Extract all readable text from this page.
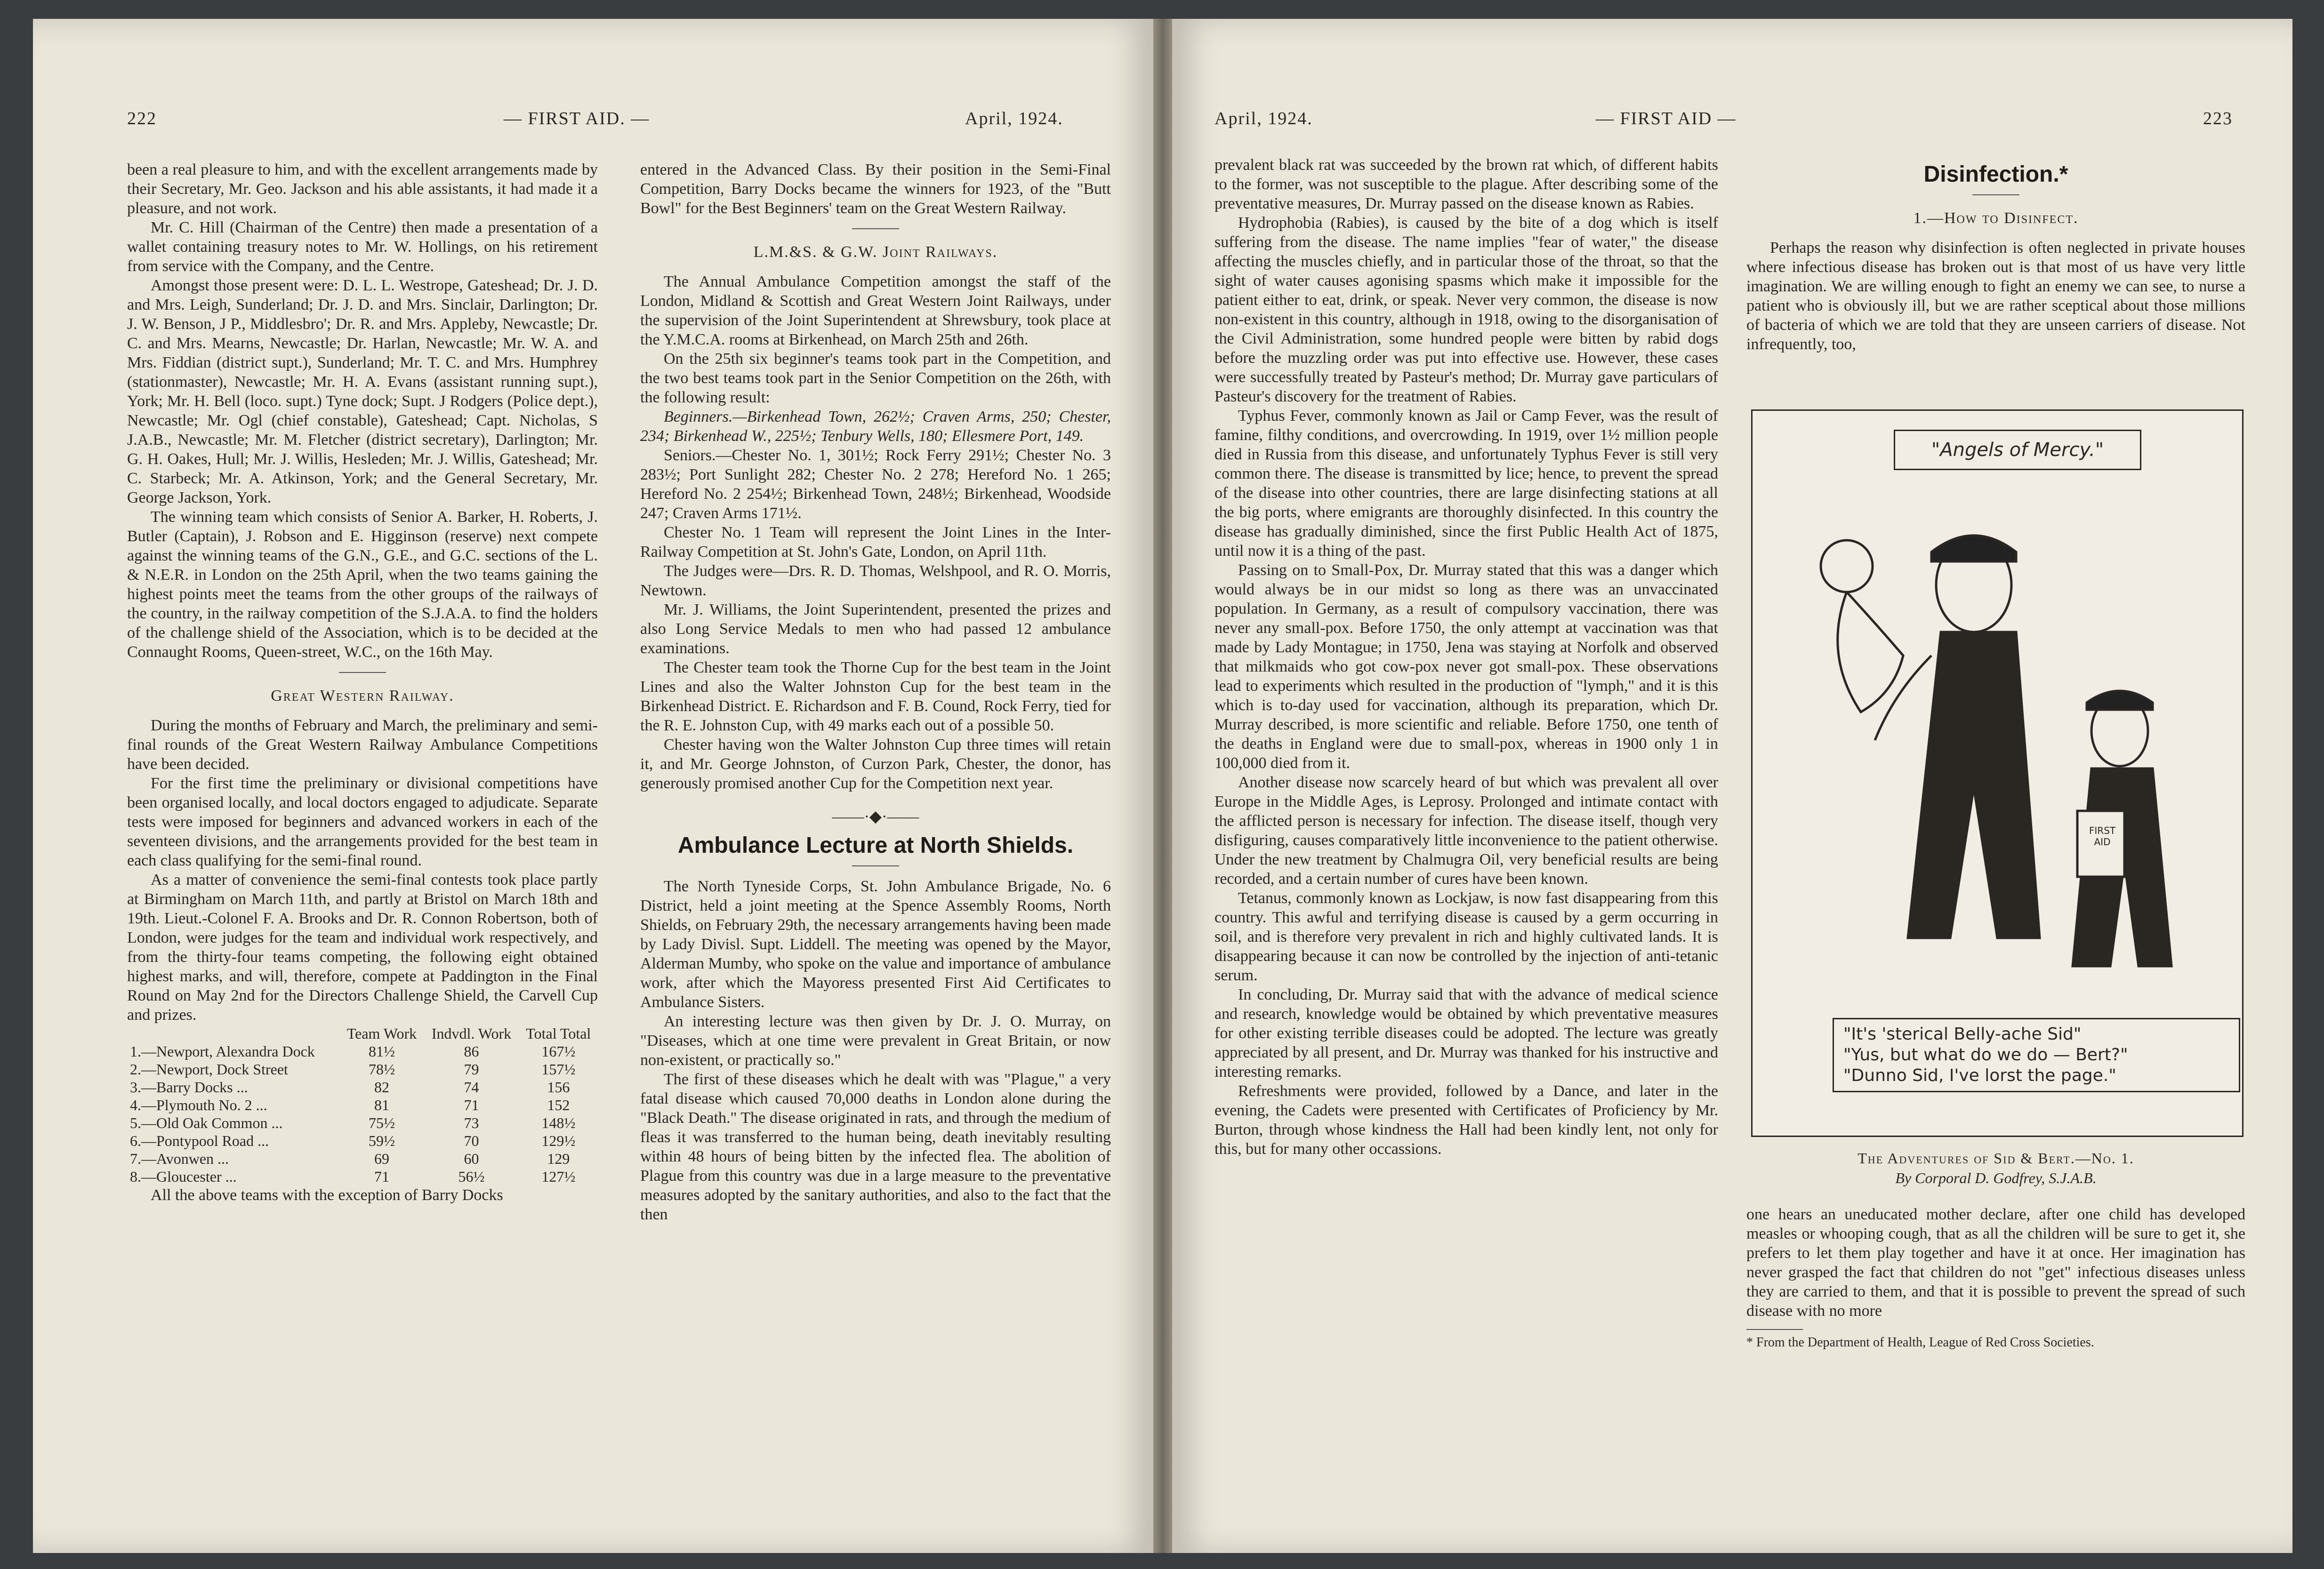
222	— FIRST AID. —	April, 1924.

been a real pleasure to him, and with the excellent arrangements made by their Secretary, Mr. Geo. Jackson and his able assistants, it had made it a pleasure, and not work.

Mr. C. Hill (Chairman of the Centre) then made a presentation of a wallet containing treasury notes to Mr. W. Hollings, on his retirement from service with the Company, and the Centre.

Amongst those present were: D. L. L. Westrope, Gateshead; Dr. J. D. and Mrs. Leigh, Sunderland; Dr. J. D. and Mrs. Sinclair, Darlington; Dr. J. W. Benson, J P., Middlesbro'; Dr. R. and Mrs. Appleby, Newcastle; Dr. C. and Mrs. Mearns, Newcastle; Dr. Harlan, Newcastle; Mr. W. A. and Mrs. Fiddian (district supt.), Sunderland; Mr. T. C. and Mrs. Humphrey (stationmaster), Newcastle; Mr. H. A. Evans (assistant running supt.), York; Mr. H. Bell (loco. supt.) Tyne dock; Supt. J Rodgers (Police dept.), Newcastle; Mr. Ogl (chief constable), Gateshead; Capt. Nicholas, S J.A.B., Newcastle; Mr. M. Fletcher (district secretary), Darlington; Mr. G. H. Oakes, Hull; Mr. J. Willis, Hesleden; Mr. J. Willis, Gateshead; Mr. C. Starbeck; Mr. A. Atkinson, York; and the General Secretary, Mr. George Jackson, York.

The winning team which consists of Senior A. Barker, H. Roberts, J. Butler (Captain), J. Robson and E. Higginson (reserve) next compete against the winning teams of the G.N., G.E., and G.C. sections of the L. & N.E.R. in London on the 25th April, when the two teams gaining the highest points meet the teams from the other groups of the railways of the country, in the railway competition of the S.J.A.A. to find the holders of the challenge shield of the Association, which is to be decided at the Connaught Rooms, Queen-street, W.C., on the 16th May.

Great Western Railway.

During the months of February and March, the preliminary and semi-final rounds of the Great Western Railway Ambulance Competitions have been decided.

For the first time the preliminary or divisional competitions have been organised locally, and local doctors engaged to adjudicate. Separate tests were imposed for beginners and advanced workers in each of the seventeen divisions, and the arrangements provided for the best team in each class qualifying for the semi-final round.

As a matter of convenience the semi-final contests took place partly at Birmingham on March 11th, and partly at Bristol on March 18th and 19th. Lieut.-Colonel F. A. Brooks and Dr. R. Connon Robertson, both of London, were judges for the team and individual work respectively, and from the thirty-four teams competing, the following eight obtained highest marks, and will, therefore, compete at Paddington in the Final Round on May 2nd for the Directors Challenge Shield, the Carvell Cup and prizes.

	Team Work	Indvdl. Work	Total Total
1.—Newport, Alexandra Dock	81½	86	167½
2.—Newport, Dock Street	78½	79	157½
3.—Barry Docks ...	82	74	156
4.—Plymouth No. 2 ...	81	71	152
5.—Old Oak Common ...	75½	73	148½
6.—Pontypool Road ...	59½	70	129½
7.—Avonwen ...	69	60	129
8.—Gloucester ...	71	56½	127½

All the above teams with the exception of Barry Docks

entered in the Advanced Class. By their position in the Semi-Final Competition, Barry Docks became the winners for 1923, of the "Butt Bowl" for the Best Beginners' team on the Great Western Railway.

L.M.&S. & G.W. Joint Railways.

The Annual Ambulance Competition amongst the staff of the London, Midland & Scottish and Great Western Joint Railways, under the supervision of the Joint Superintendent at Shrewsbury, took place at the Y.M.C.A. rooms at Birkenhead, on March 25th and 26th.

On the 25th six beginner's teams took part in the Competition, and the two best teams took part in the Senior Competition on the 26th, with the following result:

Beginners.—Birkenhead Town, 262½; Craven Arms, 250; Chester, 234; Birkenhead W., 225½; Tenbury Wells, 180; Ellesmere Port, 149.

Seniors.—Chester No. 1, 301½; Rock Ferry 291½; Chester No. 3 283½; Port Sunlight 282; Chester No. 2 278; Hereford No. 1 265; Hereford No. 2 254½; Birkenhead Town, 248½; Birkenhead, Woodside 247; Craven Arms 171½.

Chester No. 1 Team will represent the Joint Lines in the Inter-Railway Competition at St. John's Gate, London, on April 11th.

The Judges were—Drs. R. D. Thomas, Welshpool, and R. O. Morris, Newtown.

Mr. J. Williams, the Joint Superintendent, presented the prizes and also Long Service Medals to men who had passed 12 ambulance examinations.

The Chester team took the Thorne Cup for the best team in the Joint Lines and also the Walter Johnston Cup for the best team in the Birkenhead District. E. Richardson and F. B. Cound, Rock Ferry, tied for the R. E. Johnston Cup, with 49 marks each out of a possible 50.

Chester having won the Walter Johnston Cup three times will retain it, and Mr. George Johnston, of Curzon Park, Chester, the donor, has generously promised another Cup for the Competition next year.

——·◆·——
Ambulance Lecture at North Shields.

The North Tyneside Corps, St. John Ambulance Brigade, No. 6 District, held a joint meeting at the Spence Assembly Rooms, North Shields, on February 29th, the necessary arrangements having been made by Lady Divisl. Supt. Liddell. The meeting was opened by the Mayor, Alderman Mumby, who spoke on the value and importance of ambulance work, after which the Mayoress presented First Aid Certificates to Ambulance Sisters.

An interesting lecture was then given by Dr. J. O. Murray, on "Diseases, which at one time were prevalent in Great Britain, or now non-existent, or practically so."

The first of these diseases which he dealt with was "Plague," a very fatal disease which caused 70,000 deaths in London alone during the "Black Death." The disease originated in rats, and through the medium of fleas it was transferred to the human being, death inevitably resulting within 48 hours of being bitten by the infected flea. The abolition of Plague from this country was due in a large measure to the preventative measures adopted by the sanitary authorities, and also to the fact that the then

April, 1924.	— FIRST AID —	223

prevalent black rat was succeeded by the brown rat which, of different habits to the former, was not susceptible to the plague. After describing some of the preventative measures, Dr. Murray passed on the disease known as Rabies.

Hydrophobia (Rabies), is caused by the bite of a dog which is itself suffering from the disease. The name implies "fear of water," the disease affecting the muscles chiefly, and in particular those of the throat, so that the sight of water causes agonising spasms which make it impossible for the patient either to eat, drink, or speak. Never very common, the disease is now non-existent in this country, although in 1918, owing to the disorganisation of the Civil Administration, some hundred people were bitten by rabid dogs before the muzzling order was put into effective use. However, these cases were successfully treated by Pasteur's method; Dr. Murray gave particulars of Pasteur's discovery for the treatment of Rabies.

Typhus Fever, commonly known as Jail or Camp Fever, was the result of famine, filthy conditions, and overcrowding. In 1919, over 1½ million people died in Russia from this disease, and unfortunately Typhus Fever is still very common there. The disease is transmitted by lice; hence, to prevent the spread of the disease into other countries, there are large disinfecting stations at all the big ports, where emigrants are thoroughly disinfected. In this country the disease has gradually diminished, since the first Public Health Act of 1875, until now it is a thing of the past.

Passing on to Small-Pox, Dr. Murray stated that this was a danger which would always be in our midst so long as there was an unvaccinated population. In Germany, as a result of compulsory vaccination, there was never any small-pox. Before 1750, the only attempt at vaccination was that made by Lady Montague; in 1750, Jena was staying at Norfolk and observed that milkmaids who got cow-pox never got small-pox. These observations lead to experiments which resulted in the production of "lymph," and it is this which is to-day used for vaccination, although its preparation, which Dr. Murray described, is more scientific and reliable. Before 1750, one tenth of the deaths in England were due to small-pox, whereas in 1900 only 1 in 100,000 died from it.

Another disease now scarcely heard of but which was prevalent all over Europe in the Middle Ages, is Leprosy. Prolonged and intimate contact with the afflicted person is necessary for infection. The disease itself, though very disfiguring, causes comparatively little inconvenience to the patient otherwise. Under the new treatment by Chalmugra Oil, very beneficial results are being recorded, and a certain number of cures have been known.

Tetanus, commonly known as Lockjaw, is now fast disappearing from this country. This awful and terrifying disease is caused by a germ occurring in soil, and is therefore very prevalent in rich and highly cultivated lands. It is disappearing because it can now be controlled by the injection of anti-tetanic serum.

In concluding, Dr. Murray said that with the advance of medical science and research, knowledge would be obtained by which preventative measures for other existing terrible diseases could be adopted. The lecture was greatly appreciated by all present, and Dr. Murray was thanked for his instructive and interesting remarks.

Refreshments were provided, followed by a Dance, and later in the evening, the Cadets were presented with Certificates of Proficiency by Mr. Burton, through whose kindness the Hall had been kindly lent, not only for this, but for many other occassions.

Disinfection.*
1.—How to Disinfect.

Perhaps the reason why disinfection is often neglected in private houses where infectious disease has broken out is that most of us have very little imagination. We are willing enough to fight an enemy we can see, to nurse a patient who is obviously ill, but we are rather sceptical about those millions of bacteria of which we are told that they are unseen carriers of disease. Not infrequently, too,

"Angels of Mercy."
FIRST AID
"It's 'sterical Belly-ache Sid"
"Yus, but what do we do — Bert?"
"Dunno Sid, I've lorst the page."
The Adventures of Sid & Bert.—No. 1.
By Corporal D. Godfrey, S.J.A.B.

one hears an uneducated mother declare, after one child has developed measles or whooping cough, that as all the children will be sure to get it, she prefers to let them play together and have it at once. Her imagination has never grasped the fact that children do not "get" infectious diseases unless they are carried to them, and that it is possible to prevent the spread of such disease with no more

* From the Department of Health, League of Red Cross Societies.
